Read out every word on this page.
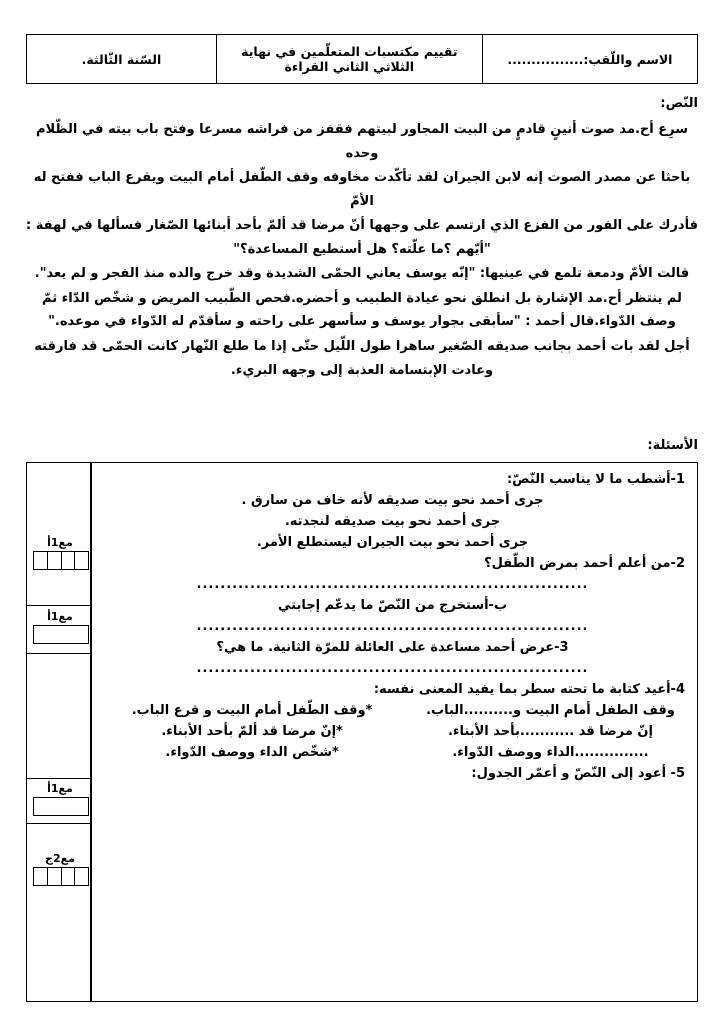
الاسم واللّقب:................	تقييم مكتسبات المتعلّمين في نهاية الثلاثي الثاني القراءة	السّنة الثّالثة.
النّص:

سرِع أح.مد صوت أنينٍ قادمٍ من البيت المجاور لبيتهم فقفز من فراشه مسرعا وفتح باب بيته في الظّلام وحده

باحثا عن مصدر الصوت إنه لابن الجيران لقد تأكّدت مخاوفه وقف الطّفل أمام البيت ويقرع الباب ففتح له الأمّ

فأدرك على الفور من الفزع الذي ارتسم على وجهها أنّ مرضا قد ألمّ بأحد أبنائها الصّغار فسألها في لهفة : "أيّهم ؟ما علّته؟ هل أستطيع المساعدة؟"

قالت الأمّ ودمعة تلمع في عينيها: "إنّه يوسف يعاني الحمّى الشديدة وقد خرج والده منذ الفجر و لم يعد".

لم ينتظر أح.مد الإشارة بل انطلق نحو عيادة الطبيب و أحضره.فحص الطّبيب المريض و شخّص الدّاء ثمّ وصف الدّواء.قال أحمد : "سأبقى بجوار يوسف و سأسهر على راحته و سأقدّم له الدّواء في موعده."

أجل لقد بات أحمد بجانب صديقه الصّغير ساهرا طول اللّيل حتّى إذا ما طلع النّهار كانت الحمّى قد فارقته

وعادت الإبتسامة العذبة إلى وجهه البريء.

الأسئلة:
مع1أ
مع1أ
مع1أ
مع2ج

1-أشطب ما لا يناسب النّصّ:

جرى أحمد نحو بيت صديقه لأنه خاف من سارق .

جرى أحمد نحو بيت صديقه لنجدته.

جرى أحمد نحو بيت الجيران ليستطلع الأمر.

2-من أعلم أحمد بمرض الطّفل؟

..................................................................

ب-أستخرج من النّصّ ما يدعّم إجابتي

..................................................................

3-عرض أحمد مساعدة على العائلة للمرّة الثانية. ما هي؟

..................................................................

4-أعيد كتابة ما تحته سطر بما يفيد المعنى نفسه:

*وقف الطّفل أمام البيت و قرع الباب.	وقف الطفل أمام البيت و..........الباب.
*إنّ مرضا قد ألمّ بأحد الأبناء.	إنّ مرضا قد ...........بأحد الأبناء.
*شخّص الداء ووصف الدّواء.	...............الداء ووصف الدّواء.

5- أعود إلى النّصّ و أعمّر الجدول:
